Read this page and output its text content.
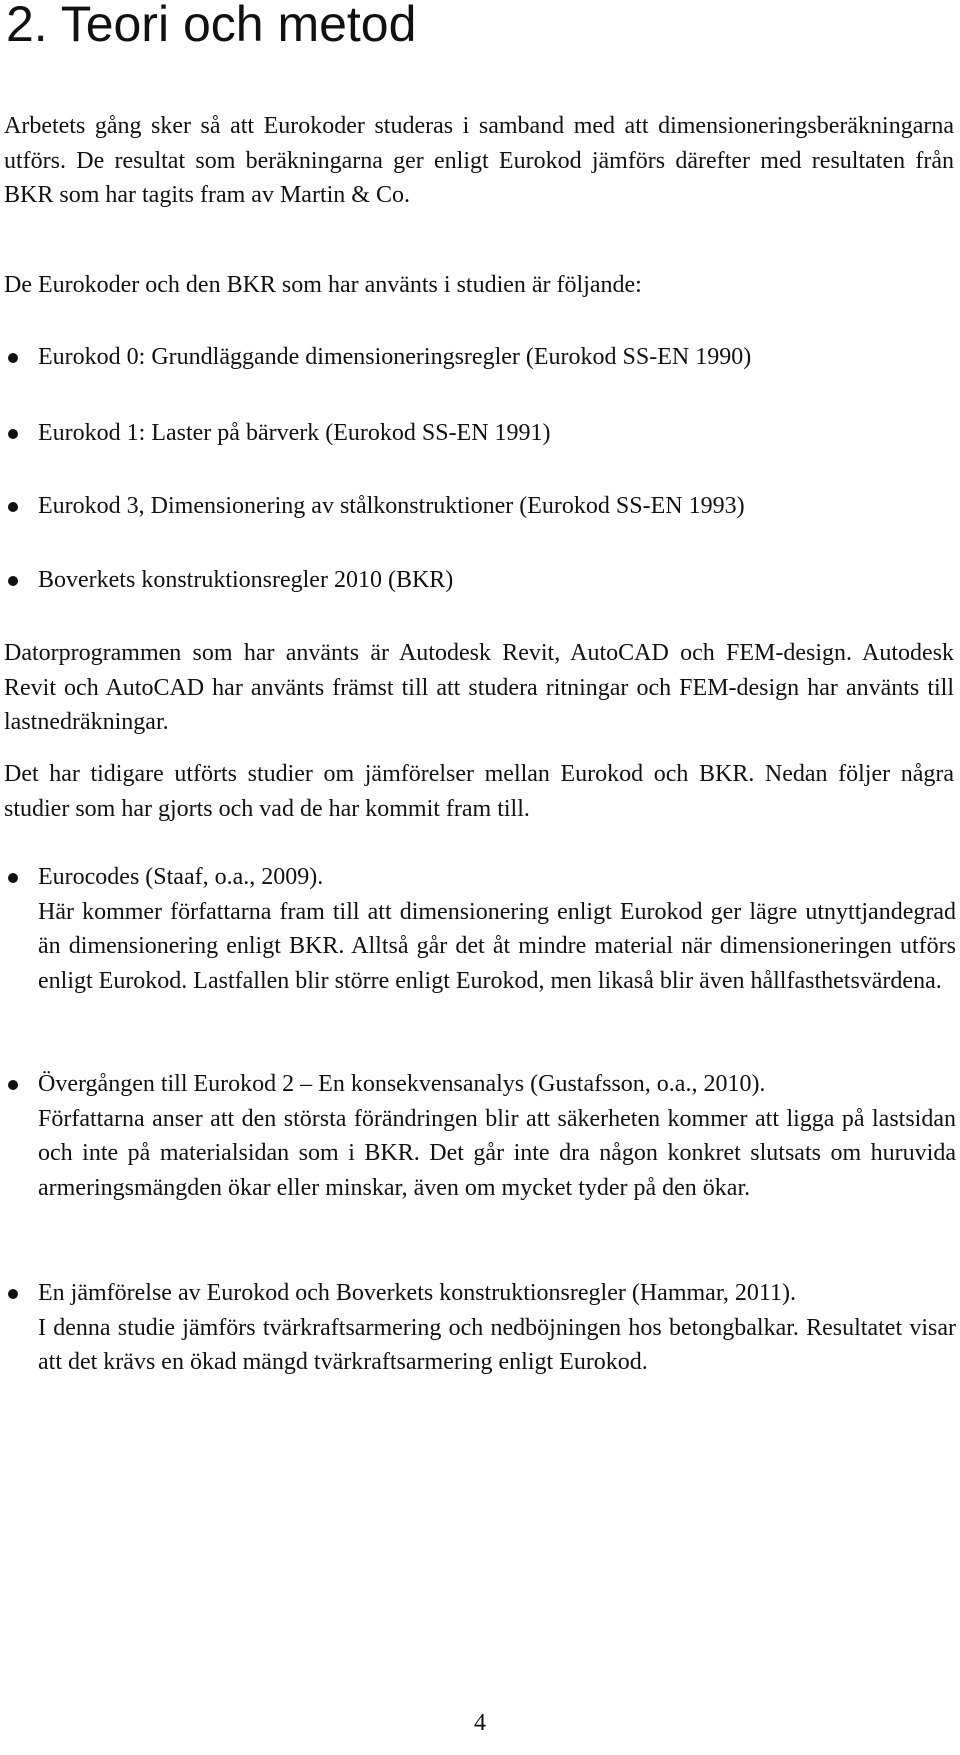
2. Teori och metod

Arbetets gång sker så att Eurokoder studeras i samband med att dimensioneringsberäkningarna utförs. De resultat som beräkningarna ger enligt Eurokod jämförs därefter med resultaten från BKR som har tagits fram av Martin & Co.

De Eurokoder och den BKR som har använts i studien är följande:

Eurokod 0: Grundläggande dimensioneringsregler (Eurokod SS-EN 1990)
Eurokod 1: Laster på bärverk (Eurokod SS-EN 1991)
Eurokod 3, Dimensionering av stålkonstruktioner (Eurokod SS-EN 1993)
Boverkets konstruktionsregler 2010 (BKR)

Datorprogrammen som har använts är Autodesk Revit, AutoCAD och FEM-design. Autodesk Revit och AutoCAD har använts främst till att studera ritningar och FEM-design har använts till lastnedräkningar.

Det har tidigare utförts studier om jämförelser mellan Eurokod och BKR. Nedan följer några studier som har gjorts och vad de har kommit fram till.

Eurocodes (Staaf, o.a., 2009).
Här kommer författarna fram till att dimensionering enligt Eurokod ger lägre utnyttjandegrad än dimensionering enligt BKR. Alltså går det åt mindre material när dimensioneringen utförs enligt Eurokod. Lastfallen blir större enligt Eurokod, men likaså blir även hållfasthetsvärdena.
Övergången till Eurokod 2 – En konsekvensanalys (Gustafsson, o.a., 2010).
Författarna anser att den största förändringen blir att säkerheten kommer att ligga på lastsidan och inte på materialsidan som i BKR. Det går inte dra någon konkret slutsats om huruvida armeringsmängden ökar eller minskar, även om mycket tyder på den ökar.
En jämförelse av Eurokod och Boverkets konstruktionsregler (Hammar, 2011).
I denna studie jämförs tvärkraftsarmering och nedböjningen hos betongbalkar. Resultatet visar att det krävs en ökad mängd tvärkraftsarmering enligt Eurokod.
4
